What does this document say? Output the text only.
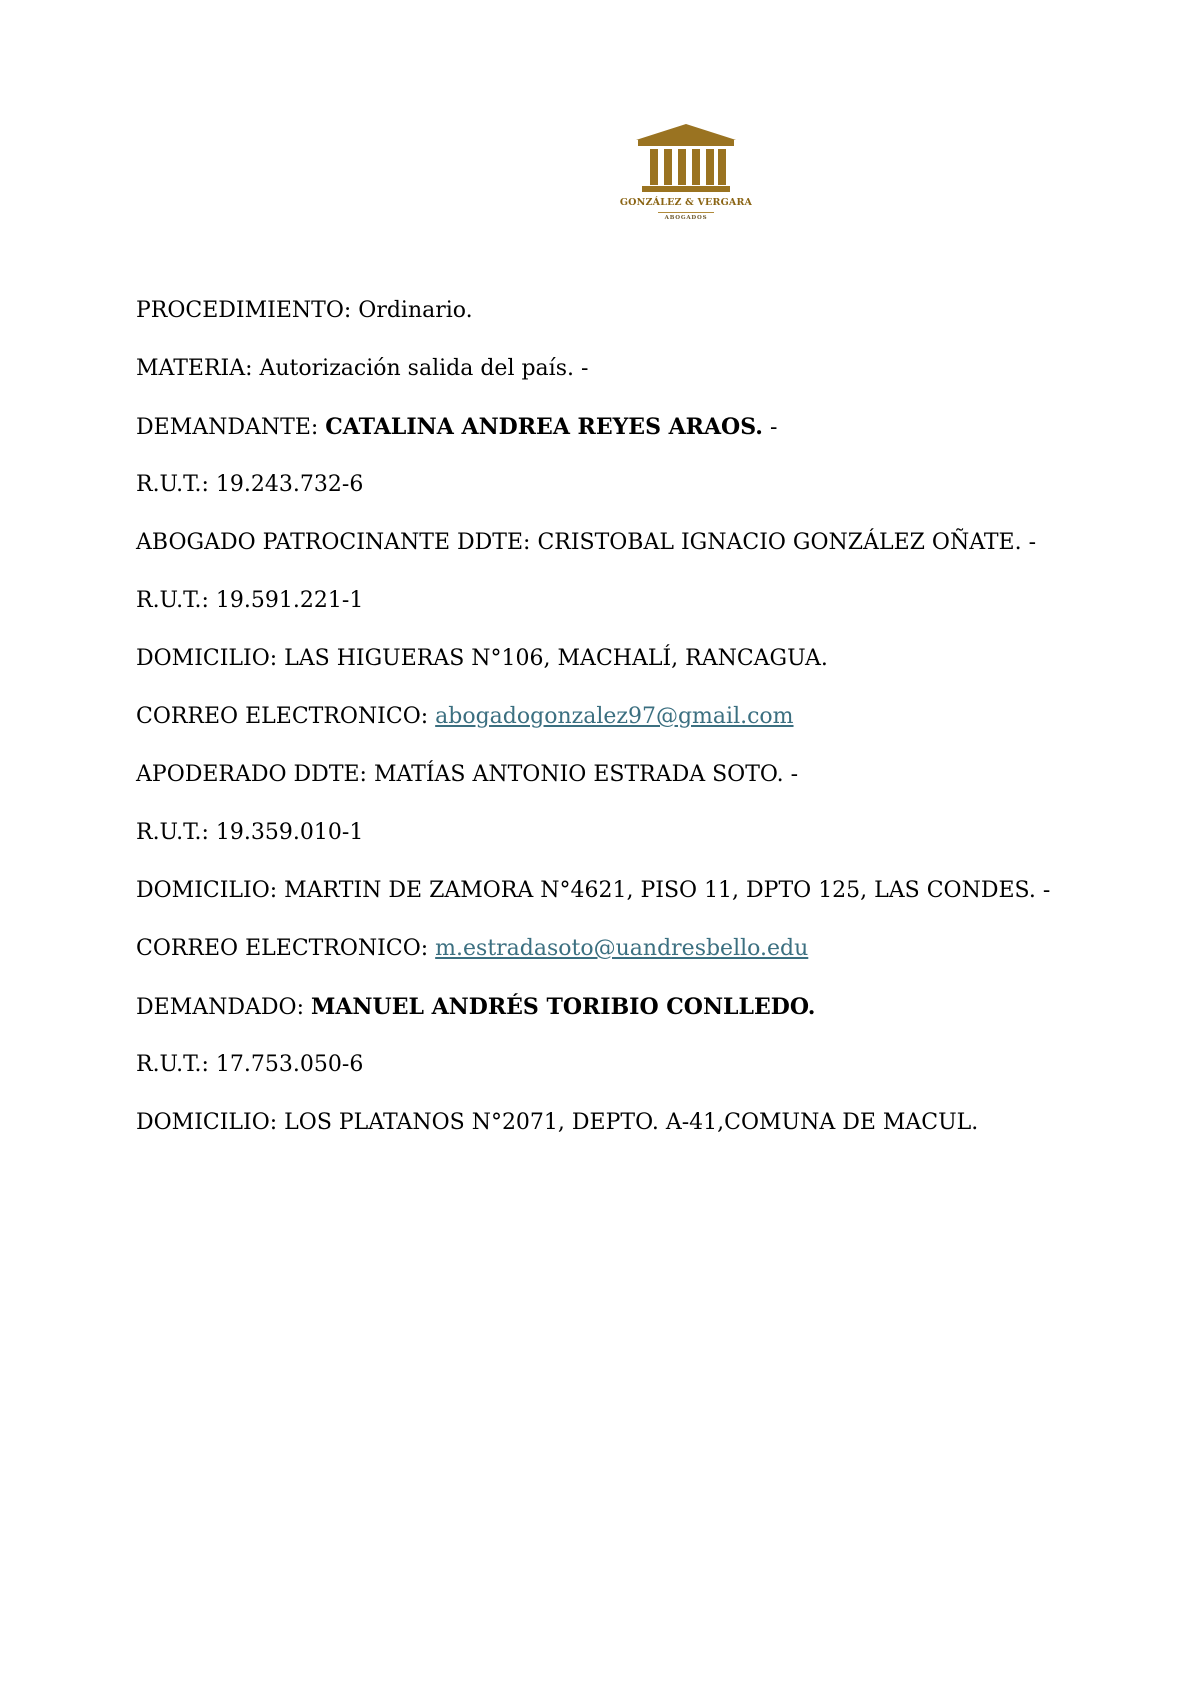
GONZÁLEZ & VERGARA
ABOGADOS
PROCEDIMIENTO: Ordinario.
MATERIA: Autorización salida del país. -
DEMANDANTE: CATALINA ANDREA REYES ARAOS. -
R.U.T.: 19.243.732-6
ABOGADO PATROCINANTE DDTE: CRISTOBAL IGNACIO GONZÁLEZ OÑATE. -
R.U.T.: 19.591.221-1
DOMICILIO: LAS HIGUERAS N°106, MACHALÍ, RANCAGUA.
CORREO ELECTRONICO: abogadogonzalez97@gmail.com
APODERADO DDTE: MATÍAS ANTONIO ESTRADA SOTO. -
R.U.T.: 19.359.010-1
DOMICILIO: MARTIN DE ZAMORA N°4621, PISO 11, DPTO 125, LAS CONDES. -
CORREO ELECTRONICO: m.estradasoto@uandresbello.edu
DEMANDADO: MANUEL ANDRÉS TORIBIO CONLLEDO.
R.U.T.: 17.753.050-6
DOMICILIO: LOS PLATANOS N°2071, DEPTO. A-41,COMUNA DE MACUL.
